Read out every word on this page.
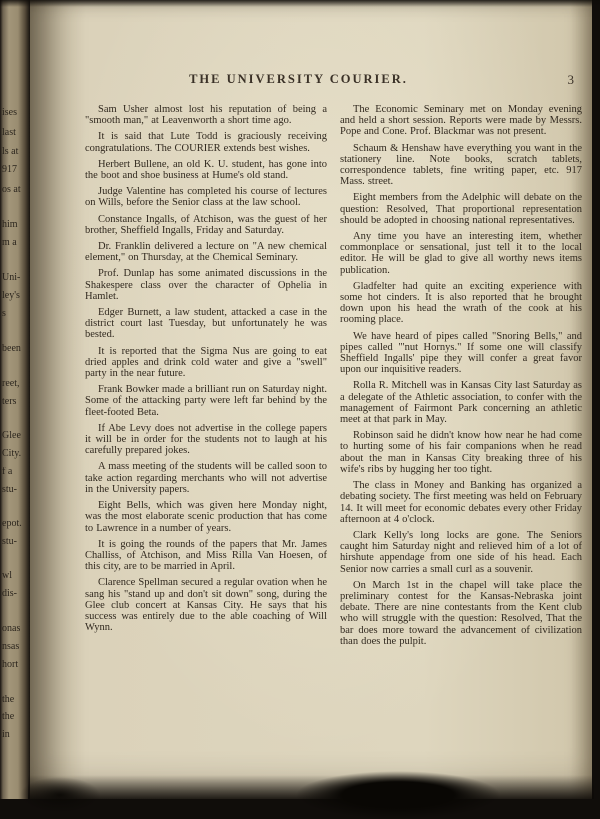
ises
last
ls at
917
os at
him
m a
Uni-
ley's
s
been
reet,
ters
Glee
City.
f a
stu-
epot.
stu-
wl
dis-
onas
nsas
hort
the
the
in
THE UNIVERSITY COURIER.	3

Sam Usher almost lost his reputation of being a "smooth man," at Leavenworth a short time ago.

It is said that Lute Todd is graciously receiving congratulations. The COURIER extends best wishes.

Herbert Bullene, an old K. U. student, has gone into the boot and shoe business at Hume's old stand.

Judge Valentine has completed his course of lectures on Wills, before the Senior class at the law school.

Constance Ingalls, of Atchison, was the guest of her brother, Sheffield Ingalls, Friday and Saturday.

Dr. Franklin delivered a lecture on "A new chemical element," on Thursday, at the Chemical Seminary.

Prof. Dunlap has some animated discussions in the Shakespere class over the character of Ophelia in Hamlet.

Edger Burnett, a law student, attacked a case in the district court last Tuesday, but unfortunately he was bested.

It is reported that the Sigma Nus are going to eat dried apples and drink cold water and give a "swell" party in the near future.

Frank Bowker made a brilliant run on Saturday night. Some of the attacking party were left far behind by the fleet-footed Beta.

If Abe Levy does not advertise in the college papers it will be in order for the students not to laugh at his carefully prepared jokes.

A mass meeting of the students will be called soon to take action regarding merchants who will not advertise in the University papers.

Eight Bells, which was given here Monday night, was the most elaborate scenic production that has come to Lawrence in a number of years.

It is going the rounds of the papers that Mr. James Challiss, of Atchison, and Miss Rilla Van Hoesen, of this city, are to be married in April.

Clarence Spellman secured a regular ovation when he sang his "stand up and don't sit down" song, during the Glee club concert at Kansas City. He says that his success was entirely due to the able coaching of Will Wynn.

The Economic Seminary met on Monday evening and held a short session. Reports were made by Messrs. Pope and Cone. Prof. Blackmar was not present.

Schaum & Henshaw have everything you want in the stationery line. Note books, scratch tablets, correspondence tablets, fine writing paper, etc. 917 Mass. street.

Eight members from the Adelphic will debate on the question: Resolved, That proportional representation should be adopted in choosing national representatives.

Any time you have an interesting item, whether commonplace or sensational, just tell it to the local editor. He will be glad to give all worthy news items publication.

Gladfelter had quite an exciting experience with some hot cinders. It is also reported that he brought down upon his head the wrath of the cook at his rooming place.

We have heard of pipes called "Snoring Bells," and pipes called "'nut Hornys." If some one will classify Sheffield Ingalls' pipe they will confer a great favor upon our inquisitive readers.

Rolla R. Mitchell was in Kansas City last Saturday as a delegate of the Athletic association, to confer with the management of Fairmont Park concerning an athletic meet at that park in May.

Robinson said he didn't know how near he had come to hurting some of his fair companions when he read about the man in Kansas City breaking three of his wife's ribs by hugging her too tight.

The class in Money and Banking has organized a debating society. The first meeting was held on February 14. It will meet for economic debates every other Friday afternoon at 4 o'clock.

Clark Kelly's long locks are gone. The Seniors caught him Saturday night and relieved him of a lot of hirshute appendage from one side of his head. Each Senior now carries a small curl as a souvenir.

On March 1st in the chapel will take place the preliminary contest for the Kansas-Nebraska joint debate. There are nine contestants from the Kent club who will struggle with the question: Resolved, That the bar does more toward the advancement of civilization than does the pulpit.
